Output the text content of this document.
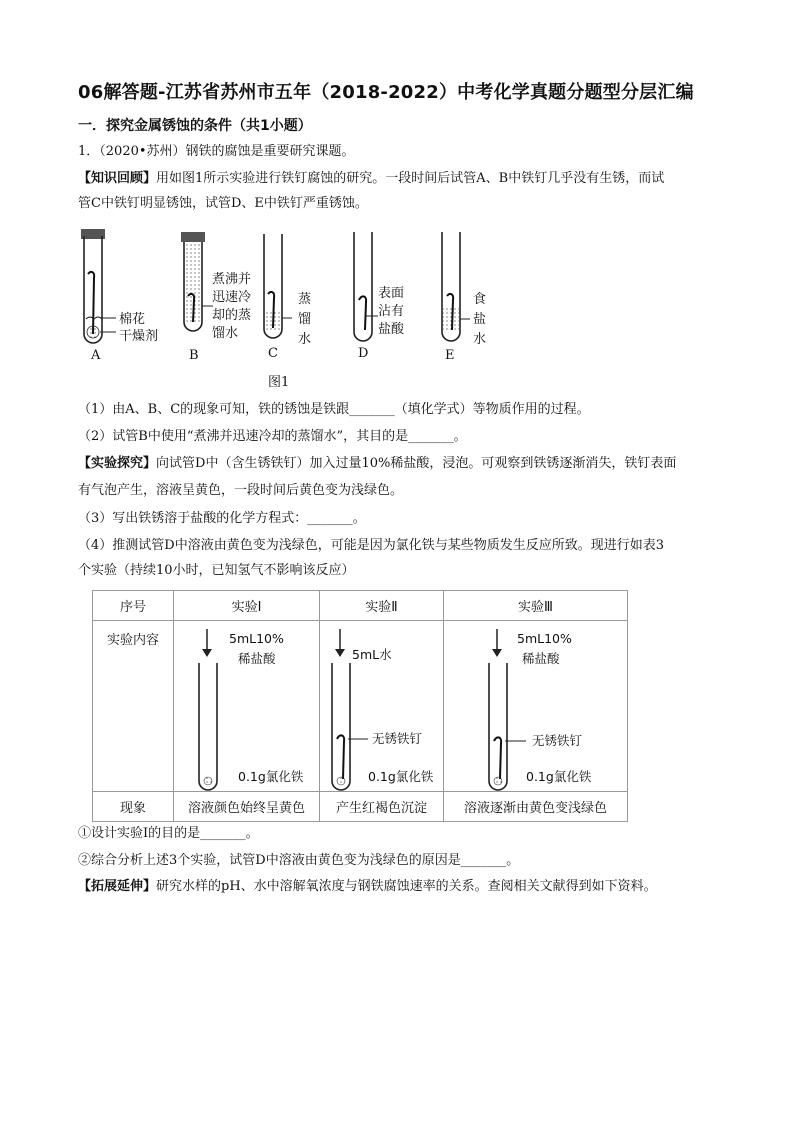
06解答题-江苏省苏州市五年（2018-2022）中考化学真题分题型分层汇编
一．探究金属锈蚀的条件（共1小题）
1．（2020•苏州）钢铁的腐蚀是重要研究课题。
【知识回顾】用如图1所示实验进行铁钉腐蚀的研究。一段时间后试管A、B中铁钉几乎没有生锈，而试
管C中铁钉明显锈蚀，试管D、E中铁钉严重锈蚀。
棉花
干燥剂
煮沸并
迅速冷
却的蒸
馏水
蒸
馏
水
表面
沾有
盐酸
食
盐
水
A	B	C	D	E
图1
（1）由A、B、C的现象可知，铁的锈蚀是铁跟_______（填化学式）等物质作用的过程。
（2）试管B中使用“煮沸并迅速冷却的蒸馏水”，其目的是_______。
【实验探究】向试管D中（含生锈铁钉）加入过量10%稀盐酸，浸泡。可观察到铁锈逐渐消失，铁钉表面
有气泡产生，溶液呈黄色，一段时间后黄色变为浅绿色。
（3）写出铁锈溶于盐酸的化学方程式：_______。
（4）推测试管D中溶液由黄色变为浅绿色，可能是因为氯化铁与某些物质发生反应所致。现进行如表3
个实验（持续10小时，已知氢气不影响该反应）
序号	实验Ⅰ	实验Ⅱ	实验Ⅲ
实验内容	5mL10%
稀盐酸
0.1g氯化铁	5mL水
无锈铁钉
0.1g氯化铁	5mL10%
稀盐酸
无锈铁钉
0.1g氯化铁

现象	溶液颜色始终呈黄色	产生红褐色沉淀	溶液逐渐由黄色变浅绿色
①设计实验Ⅰ的目的是_______。
②综合分析上述3个实验，试管D中溶液由黄色变为浅绿色的原因是_______。
【拓展延伸】研究水样的pH、水中溶解氧浓度与钢铁腐蚀速率的关系。查阅相关文献得到如下资料。
